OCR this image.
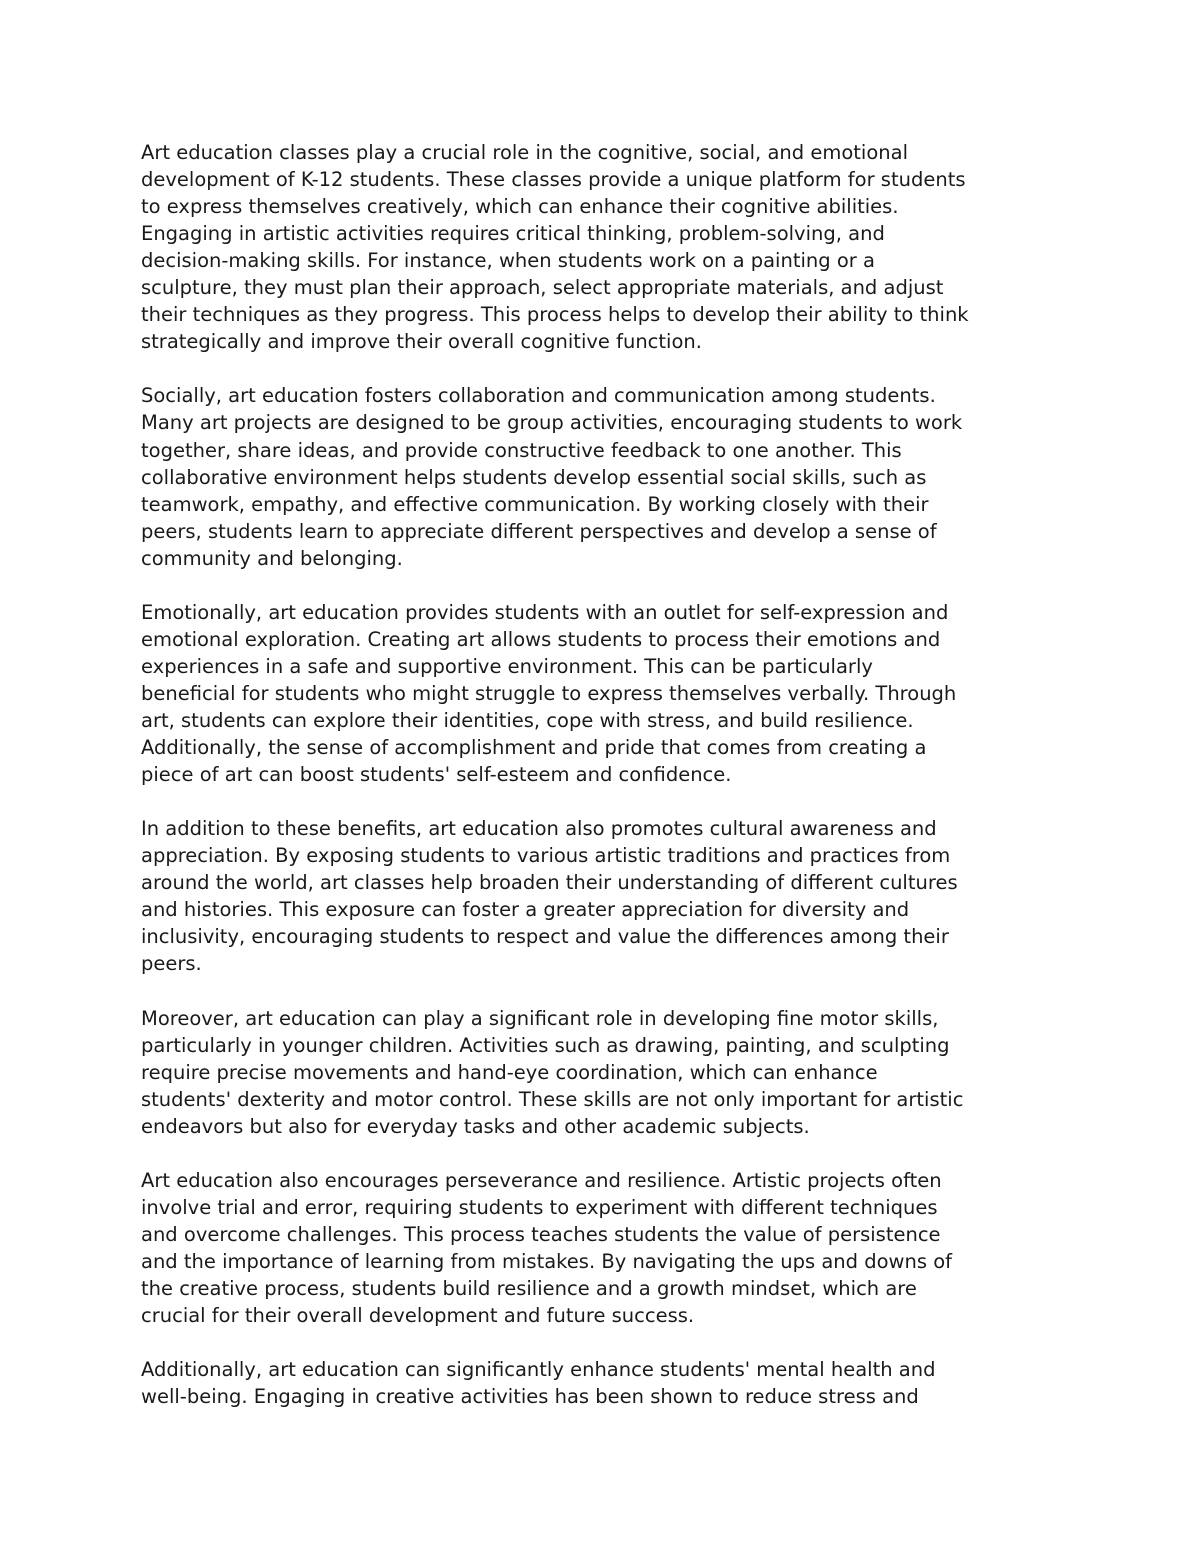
Art education classes play a crucial role in the cognitive, social, and emotional
development of K-12 students. These classes provide a unique platform for students
to express themselves creatively, which can enhance their cognitive abilities.
Engaging in artistic activities requires critical thinking, problem-solving, and
decision-making skills. For instance, when students work on a painting or a
sculpture, they must plan their approach, select appropriate materials, and adjust
their techniques as they progress. This process helps to develop their ability to think
strategically and improve their overall cognitive function.

Socially, art education fosters collaboration and communication among students.
Many art projects are designed to be group activities, encouraging students to work
together, share ideas, and provide constructive feedback to one another. This
collaborative environment helps students develop essential social skills, such as
teamwork, empathy, and effective communication. By working closely with their
peers, students learn to appreciate different perspectives and develop a sense of
community and belonging.

Emotionally, art education provides students with an outlet for self-expression and
emotional exploration. Creating art allows students to process their emotions and
experiences in a safe and supportive environment. This can be particularly
beneficial for students who might struggle to express themselves verbally. Through
art, students can explore their identities, cope with stress, and build resilience.
Additionally, the sense of accomplishment and pride that comes from creating a
piece of art can boost students' self-esteem and confidence.

In addition to these benefits, art education also promotes cultural awareness and
appreciation. By exposing students to various artistic traditions and practices from
around the world, art classes help broaden their understanding of different cultures
and histories. This exposure can foster a greater appreciation for diversity and
inclusivity, encouraging students to respect and value the differences among their
peers.

Moreover, art education can play a significant role in developing fine motor skills,
particularly in younger children. Activities such as drawing, painting, and sculpting
require precise movements and hand-eye coordination, which can enhance
students' dexterity and motor control. These skills are not only important for artistic
endeavors but also for everyday tasks and other academic subjects.

Art education also encourages perseverance and resilience. Artistic projects often
involve trial and error, requiring students to experiment with different techniques
and overcome challenges. This process teaches students the value of persistence
and the importance of learning from mistakes. By navigating the ups and downs of
the creative process, students build resilience and a growth mindset, which are
crucial for their overall development and future success.

Additionally, art education can significantly enhance students' mental health and
well-being. Engaging in creative activities has been shown to reduce stress and
